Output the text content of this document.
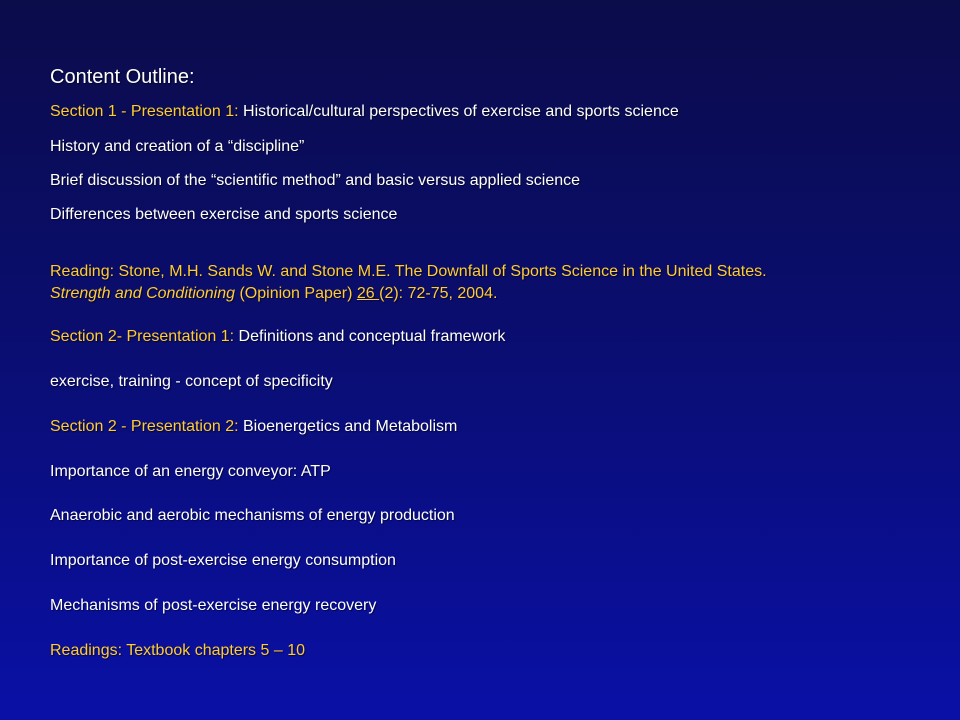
Content Outline:
Section 1 - Presentation 1: Historical/cultural perspectives of exercise and sports science
History and creation of a “discipline”
Brief discussion of the “scientific method” and basic versus applied science
Differences between exercise and sports science
Reading: Stone, M.H. Sands W. and Stone M.E. The Downfall of Sports Science in the United States.
Strength and Conditioning (Opinion Paper) 26 (2): 72-75, 2004.
Section 2- Presentation 1: Definitions and conceptual framework
exercise, training - concept of specificity
Section 2 - Presentation 2: Bioenergetics and Metabolism
Importance of an energy conveyor: ATP
Anaerobic and aerobic mechanisms of energy production
Importance of post-exercise energy consumption
Mechanisms of post-exercise energy recovery
Readings: Textbook chapters 5 – 10
